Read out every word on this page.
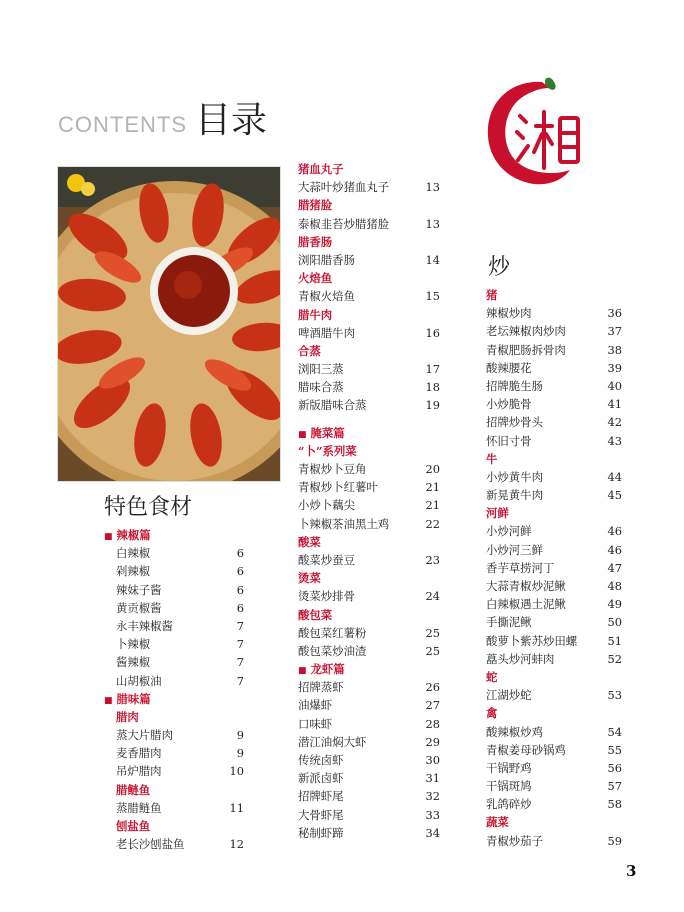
CONTENTS 目录
特色食材
炒
■ 辣椒篇
白辣椒	6
剁辣椒	6
辣妹子酱	6
黄贡椒酱	6
永丰辣椒酱	7
卜辣椒	7
酱辣椒	7
山胡椒油	7
■ 腊味篇
腊肉
蒸大片腊肉	9
麦香腊肉	9
吊炉腊肉	10
腊鲢鱼
蒸腊鲢鱼	11
刨盐鱼
老长沙刨盐鱼	12
猪血丸子
大蒜叶炒猪血丸子	13
腊猪脸
泰椒韭苔炒腊猪脸	13
腊香肠
浏阳腊香肠	14
火焙鱼
青椒火焙鱼	15
腊牛肉
啤酒腊牛肉	16
合蒸
浏阳三蒸	17
腊味合蒸	18
新版腊味合蒸	19
■ 腌菜篇
“卜”系列菜
青椒炒卜豆角	20
青椒炒卜红薯叶	21
小炒卜藕尖	21
卜辣椒茶油黑土鸡	22
酸菜
酸菜炒蚕豆	23
烫菜
烫菜炒排骨	24
酸包菜
酸包菜红薯粉	25
酸包菜炒油渣	25
■ 龙虾篇
招牌蒸虾	26
油爆虾	27
口味虾	28
潜江油焖大虾	29
传统卤虾	30
新派卤虾	31
招牌虾尾	32
大骨虾尾	33
秘制虾蹄	34
猪
辣椒炒肉	36
老坛辣椒肉炒肉	37
青椒肥肠拆骨肉	38
酸辣腰花	39
招牌脆生肠	40
小炒脆骨	41
招牌炒骨头	42
怀旧寸骨	43
牛
小炒黄牛肉	44
新晃黄牛肉	45
河鲜
小炒河鲜	46
小炒河三鲜	46
香芋草捞河丁	47
大蒜青椒炒泥鳅	48
白辣椒遇土泥鳅	49
手撕泥鳅	50
酸萝卜紫苏炒田螺	51
藠头炒河蚌肉	52
蛇
江湖炒蛇	53
禽
酸辣椒炒鸡	54
青椒姜母砂锅鸡	55
干锅野鸡	56
干锅斑鸠	57
乳鸽碎炒	58
蔬菜
青椒炒茄子	59
3
